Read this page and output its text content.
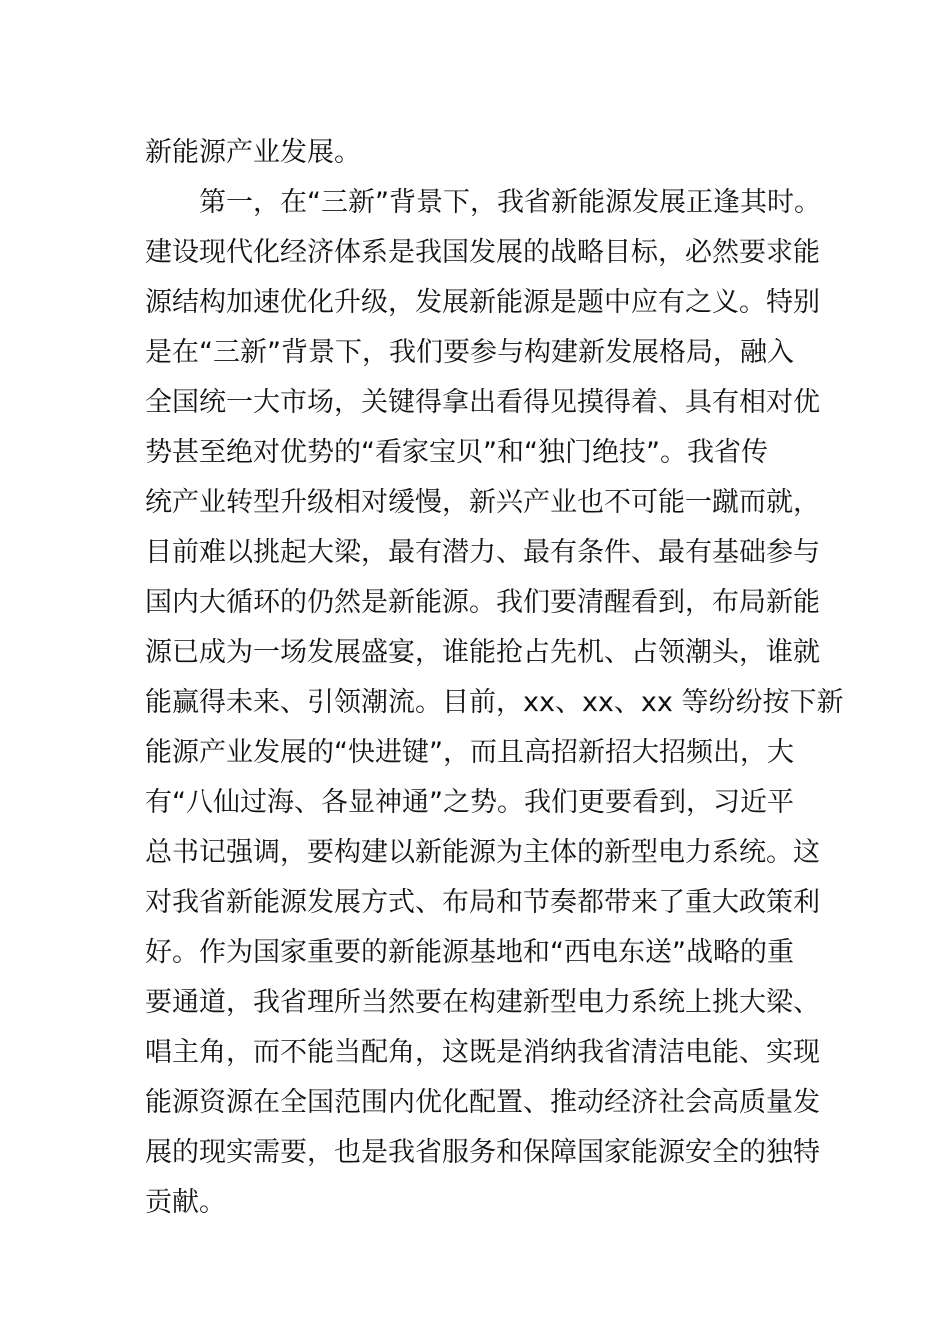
新能源产业发展。
　　第一，在“三新”背景下，我省新能源发展正逢其时。
建设现代化经济体系是我国发展的战略目标，必然要求能
源结构加速优化升级，发展新能源是题中应有之义。特别
是在“三新”背景下，我们要参与构建新发展格局，融入
全国统一大市场，关键得拿出看得见摸得着、具有相对优
势甚至绝对优势的“看家宝贝”和“独门绝技”。我省传
统产业转型升级相对缓慢，新兴产业也不可能一蹴而就，
目前难以挑起大梁，最有潜力、最有条件、最有基础参与
国内大循环的仍然是新能源。我们要清醒看到，布局新能
源已成为一场发展盛宴，谁能抢占先机、占领潮头，谁就
能赢得未来、引领潮流。目前，xx、xx、xx 等纷纷按下新
能源产业发展的“快进键”，而且高招新招大招频出，大
有“八仙过海、各显神通”之势。我们更要看到，习近平
总书记强调，要构建以新能源为主体的新型电力系统。这
对我省新能源发展方式、布局和节奏都带来了重大政策利
好。作为国家重要的新能源基地和“西电东送”战略的重
要通道，我省理所当然要在构建新型电力系统上挑大梁、
唱主角，而不能当配角，这既是消纳我省清洁电能、实现
能源资源在全国范围内优化配置、推动经济社会高质量发
展的现实需要，也是我省服务和保障国家能源安全的独特
贡献。
